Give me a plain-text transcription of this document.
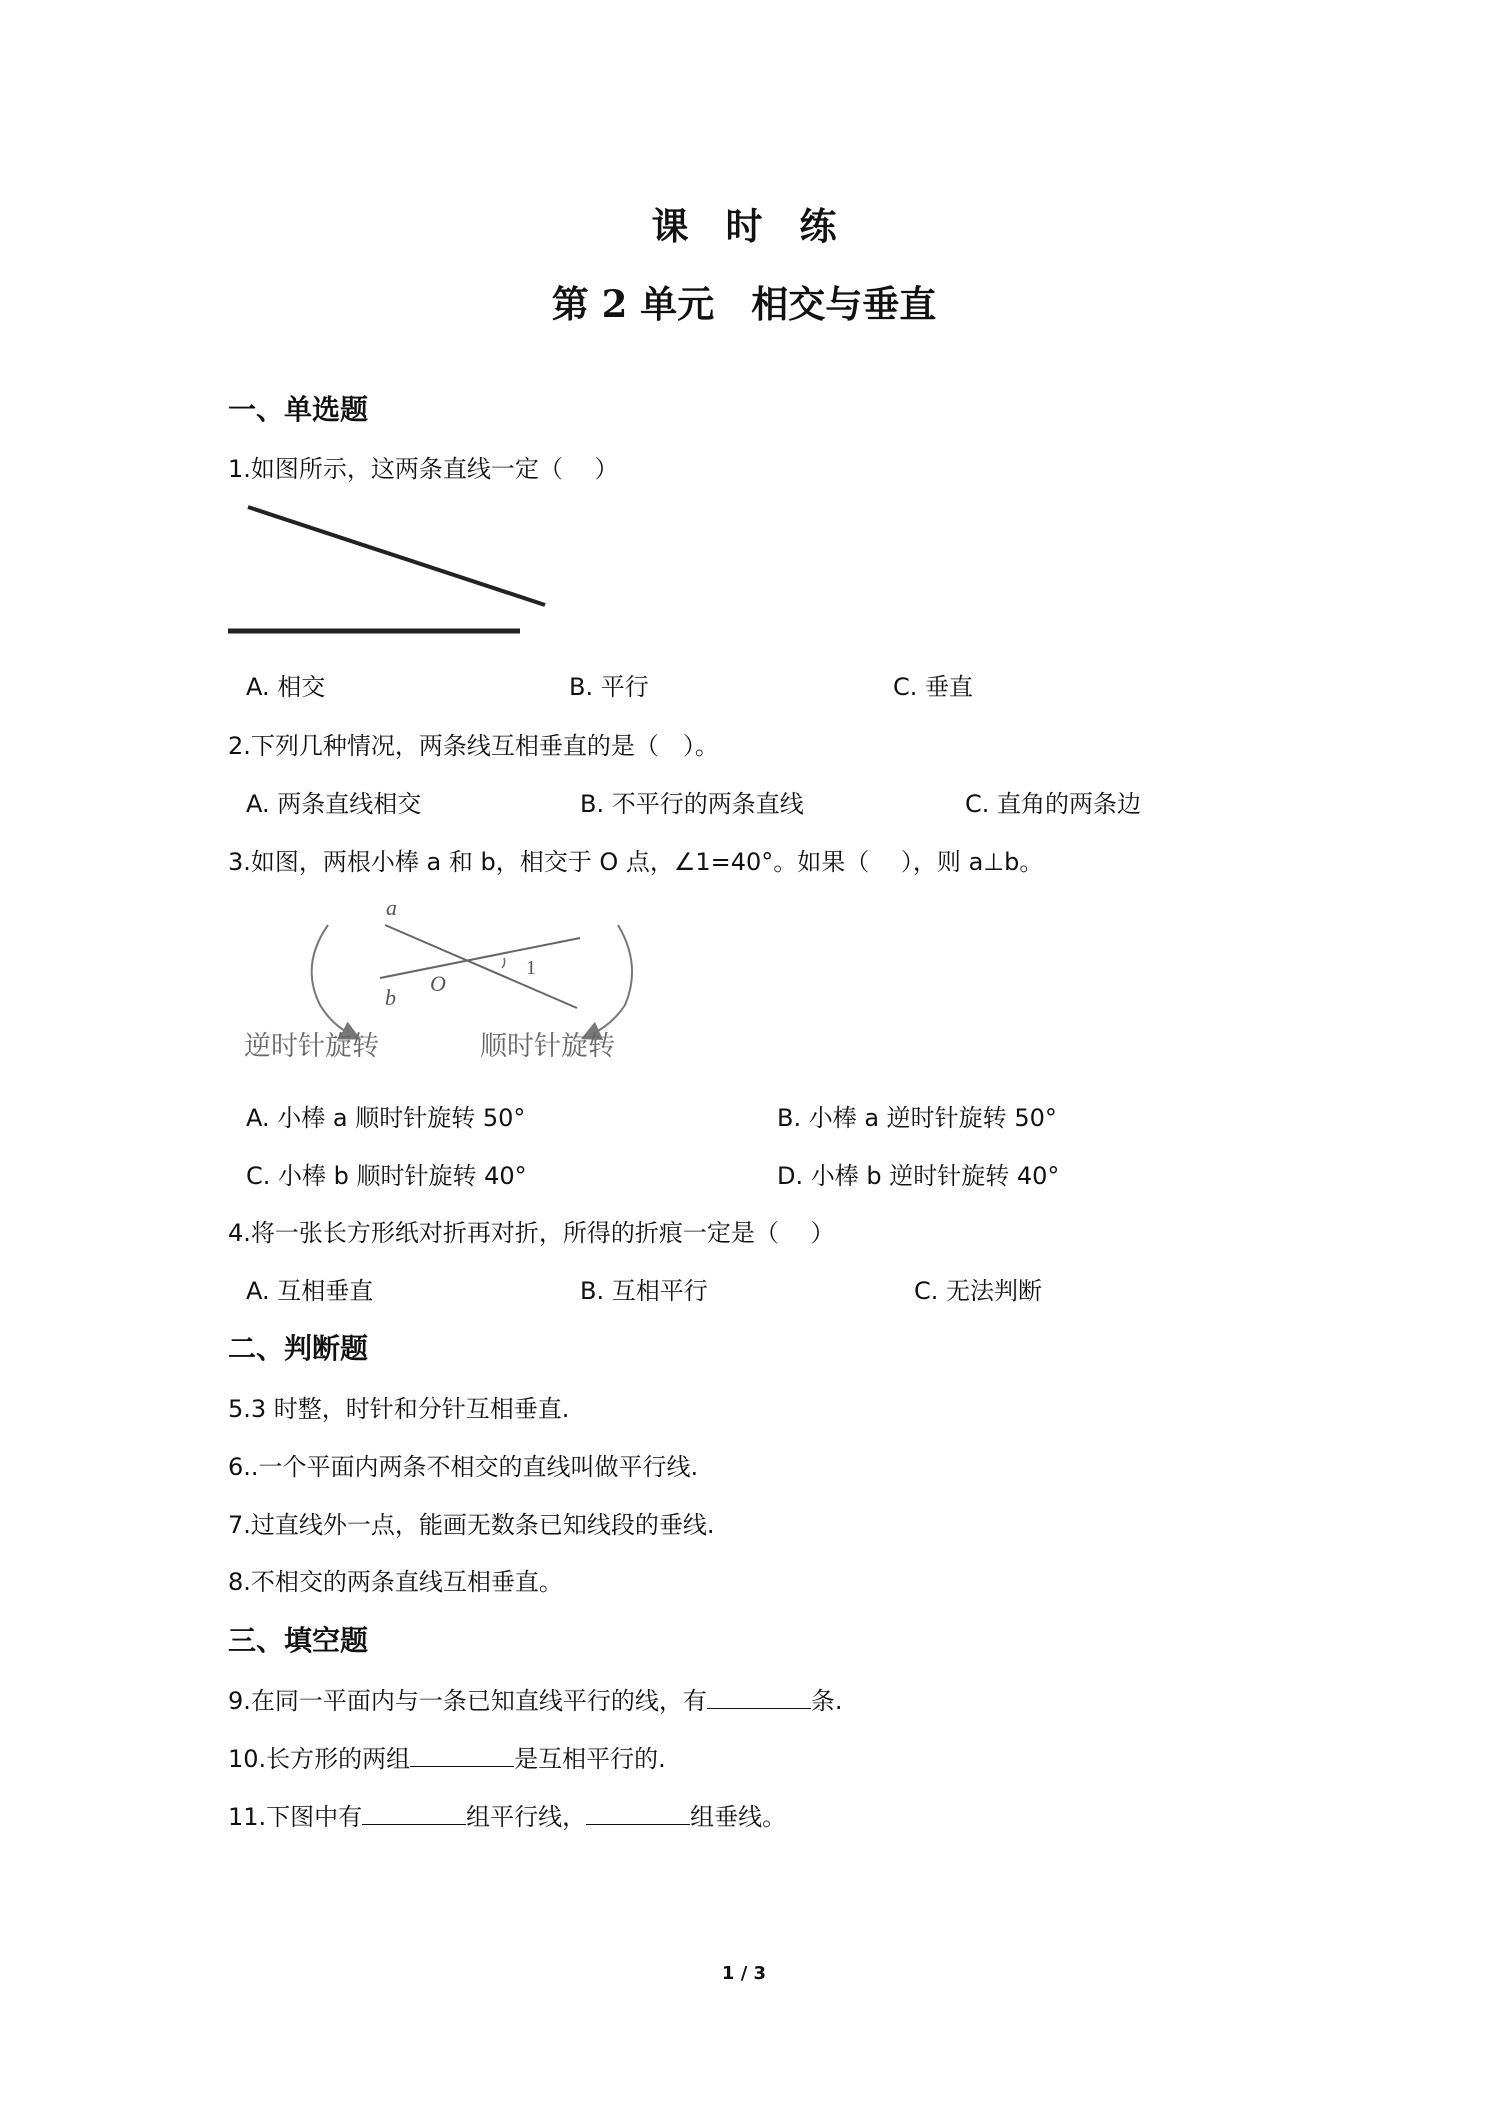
课　时　练
第 2 单元　相交与垂直
一、单选题
1.如图所示，这两条直线一定（　 ）
A. 相交	B. 平行	C. 垂直
2.下列几种情况，两条线互相垂直的是（　）。
A. 两条直线相交	B. 不平行的两条直线	C. 直角的两条边
3.如图，两根小棒 a 和 b，相交于 O 点，∠1=40°。如果（　 ），则 a⊥b。
a
b
O
1
逆时针旋转	顺时针旋转
A. 小棒 a 顺时针旋转 50°	B. 小棒 a 逆时针旋转 50°
C. 小棒 b 顺时针旋转 40°	D. 小棒 b 逆时针旋转 40°
4.将一张长方形纸对折再对折，所得的折痕一定是（　 ）
A. 互相垂直	B. 互相平行	C. 无法判断
二、判断题
5.3 时整，时针和分针互相垂直.
6..一个平面内两条不相交的直线叫做平行线.
7.过直线外一点，能画无数条已知线段的垂线.
8.不相交的两条直线互相垂直。
三、填空题
9.在同一平面内与一条已知直线平行的线，有	条.
10.长方形的两组	是互相平行的.
11.下图中有	组平行线，	组垂线。
1 / 3
